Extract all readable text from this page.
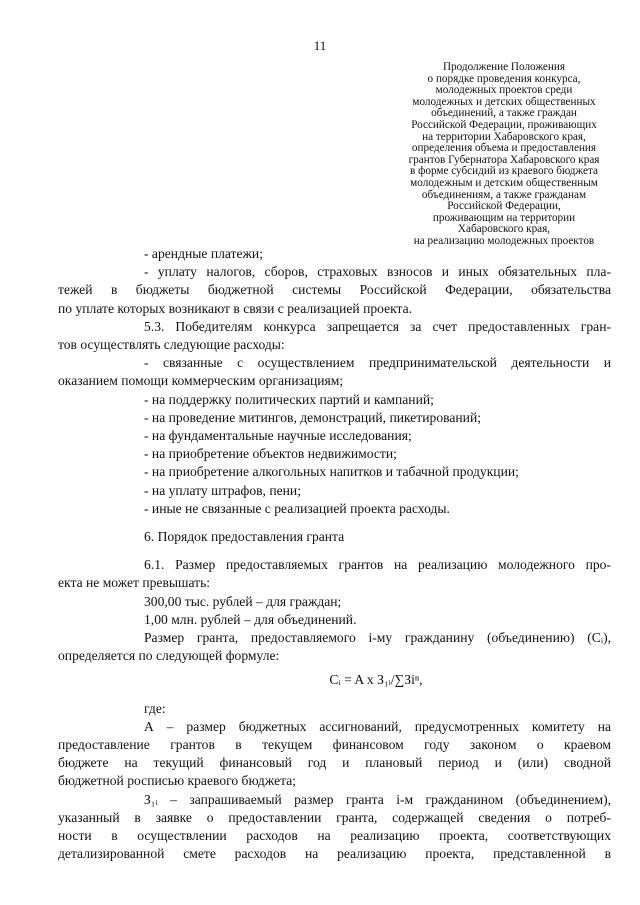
11
Продолжение Положения
о порядке проведения конкурса,
молодежных проектов среди
молодежных и детских общественных
объединений, а также граждан
Российской Федерации, проживающих
на территории Хабаровского края,
определения объема и предоставления
грантов Губернатора Хабаровского края
в форме субсидий из краевого бюджета
молодежным и детским общественным
объединениям, а также гражданам
Российской Федерации,
проживающим на территории
Хабаровского края,
на реализацию молодежных проектов
- арендные платежи;
- уплату налогов, сборов, страховых взносов и иных обязательных пла-
тежей в бюджеты бюджетной системы Российской Федерации, обязательства
по уплате которых возникают в связи с реализацией проекта.
5.3. Победителям конкурса запрещается за счет предоставленных гран-
тов осуществлять следующие расходы:
- связанные с осуществлением предпринимательской деятельности и
оказанием помощи коммерческим организациям;
- на поддержку политических партий и кампаний;
- на проведение митингов, демонстраций, пикетирований;
- на фундаментальные научные исследования;
- на приобретение объектов недвижимости;
- на приобретение алкогольных напитков и табачной продукции;
- на уплату штрафов, пени;
- иные не связанные с реализацией проекта расходы.
6. Порядок предоставления гранта
6.1. Размер предоставляемых грантов на реализацию молодежного про-
екта не может превышать:
300,00 тыс. рублей – для граждан;
1,00 млн. рублей – для объединений.
Размер гранта, предоставляемого i-му гражданину (объединению) (Cᵢ),
определяется по следующей формуле:
Cᵢ = A x З₁ᵢ/∑Зiⁿ,
где:
А – размер бюджетных ассигнований, предусмотренных комитету на
предоставление грантов в текущем финансовом году законом о краевом
бюджете на текущий финансовый год и плановый период и (или) сводной
бюджетной росписью краевого бюджета;
З₁ᵢ – запрашиваемый размер гранта i-м гражданином (объединением),
указанный в заявке о предоставлении гранта, содержащей сведения о потреб-
ности в осуществлении расходов на реализацию проекта, соответствующих
детализированной смете расходов на реализацию проекта, представленной в
